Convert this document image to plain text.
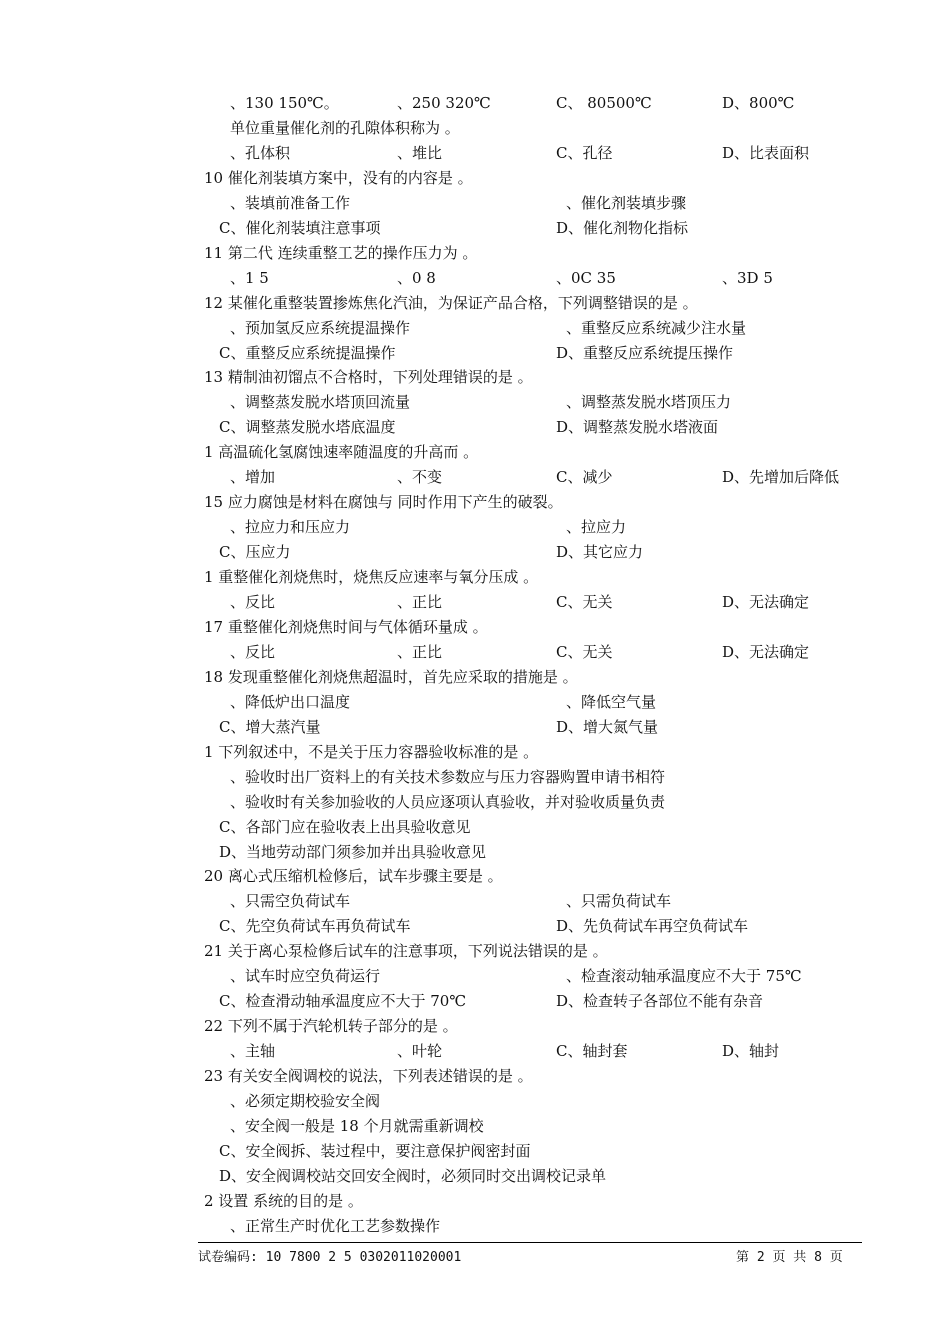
、130 150℃。	、250 320℃	C、 80500℃	D、800℃
单位重量催化剂的孔隙体积称为 。
、孔体积	、堆比	C、孔径	D、比表面积
10 催化剂装填方案中，没有的内容是 。
、装填前准备工作	、催化剂装填步骤
C、催化剂装填注意事项	D、催化剂物化指标
11 第二代 连续重整工艺的操作压力为 。
、1 5	、0 8	、0C 35	、3D 5
12 某催化重整装置掺炼焦化汽油，为保证产品合格，下列调整错误的是 。
、预加氢反应系统提温操作	、重整反应系统减少注水量
C、重整反应系统提温操作	D、重整反应系统提压操作
13 精制油初馏点不合格时，下列处理错误的是 。
、调整蒸发脱水塔顶回流量	、调整蒸发脱水塔顶压力
C、调整蒸发脱水塔底温度	D、调整蒸发脱水塔液面
1 高温硫化氢腐蚀速率随温度的升高而 。
、增加	、不变	C、减少	D、先增加后降低
15 应力腐蚀是材料在腐蚀与 同时作用下产生的破裂。
、拉应力和压应力	、拉应力
C、压应力	D、其它应力
1 重整催化剂烧焦时，烧焦反应速率与氧分压成 。
、反比	、正比	C、无关	D、无法确定
17 重整催化剂烧焦时间与气体循环量成 。
、反比	、正比	C、无关	D、无法确定
18 发现重整催化剂烧焦超温时，首先应采取的措施是 。
、降低炉出口温度	、降低空气量
C、增大蒸汽量	D、增大氮气量
1 下列叙述中，不是关于压力容器验收标准的是 。
、验收时出厂资料上的有关技术参数应与压力容器购置申请书相符
、验收时有关参加验收的人员应逐项认真验收，并对验收质量负责
C、各部门应在验收表上出具验收意见
D、当地劳动部门须参加并出具验收意见
20 离心式压缩机检修后，试车步骤主要是 。
、只需空负荷试车	、只需负荷试车
C、先空负荷试车再负荷试车	D、先负荷试车再空负荷试车
21 关于离心泵检修后试车的注意事项，下列说法错误的是 。
、试车时应空负荷运行	、检查滚动轴承温度应不大于 75℃
C、检查滑动轴承温度应不大于 70℃	D、检查转子各部位不能有杂音
22 下列不属于汽轮机转子部分的是 。
、主轴	、叶轮	C、轴封套	D、轴封
23 有关安全阀调校的说法，下列表述错误的是 。
、必须定期校验安全阀
、安全阀一般是 18 个月就需重新调校
C、安全阀拆、装过程中，要注意保护阀密封面
D、安全阀调校站交回安全阀时，必须同时交出调校记录单
2 设置 系统的目的是 。
、正常生产时优化工艺参数操作
试卷编码: 10 7800 2 5 0302011020001	第 2 页 共 8 页
